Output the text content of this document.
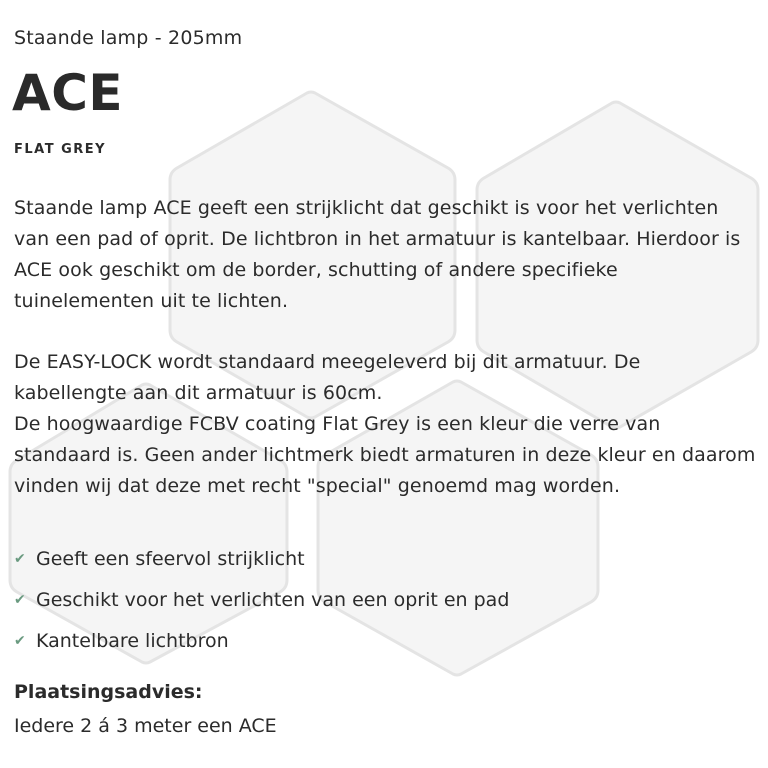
Staande lamp - 205mm
ACE
FLAT GREY

Staande lamp ACE geeft een strijklicht dat geschikt is voor het verlichten van een pad of oprit. De lichtbron in het armatuur is kantelbaar. Hierdoor is ACE ook geschikt om de border, schutting of andere specifieke tuinelementen uit te lichten.

De EASY-LOCK wordt standaard meegeleverd bij dit armatuur. De kabellengte aan dit armatuur is 60cm.
De hoogwaardige FCBV coating Flat Grey is een kleur die verre van standaard is. Geen ander lichtmerk biedt armaturen in deze kleur en daarom vinden wij dat deze met recht "special" genoemd mag worden.
✔ Geeft een sfeervol strijklicht
✔ Geschikt voor het verlichten van een oprit en pad
✔ Kantelbare lichtbron
Plaatsingsadvies:
Iedere 2 á 3 meter een ACE
